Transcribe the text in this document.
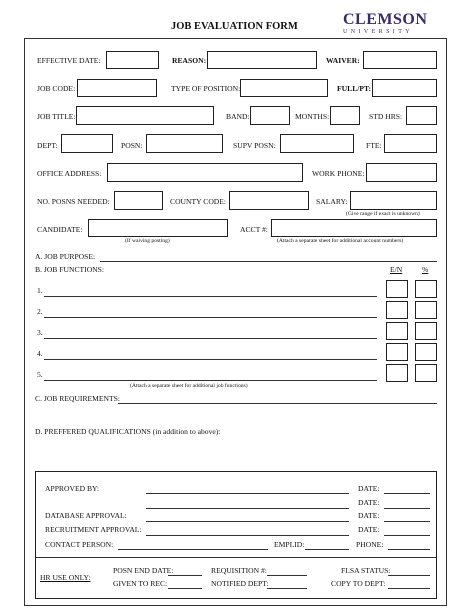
JOB EVALUATION FORM	CLEMSON
UNIVERSITY
EFFECTIVE DATE:	REASON:	WAIVER:
JOB CODE:	TYPE OF POSITION:	FULL/PT:
JOB TITLE:	BAND:	MONTHS:	STD HRS:
DEPT:	POSN:	SUPV POSN:	FTE:
OFFICE ADDRESS:	WORK PHONE:
NO. POSNS NEEDED:	COUNTY CODE:	SALARY:
(Give range if exact is unknown)
CANDIDATE:
(If waiving posting)
ACCT #:
(Attach a separate sheet for additional account numbers)
A. JOB PURPOSE:
B. JOB FUNCTIONS:	E/N	%
1.
2.
3.
4.
5.
(Attach a separate sheet for additional job functions)
C. JOB REQUIREMENTS:
D. PREFFERED QUALIFICATIONS (in addition to above):
APPROVED BY:	DATE:
DATE:
DATABASE APPROVAL:	DATE:
RECRUITMENT APPROVAL:	DATE:
CONTACT PERSON:	EMPLID:	PHONE:
HR USE ONLY:
POSN END DATE:	REQUISITION #:	FLSA STATUS:
GIVEN TO REC:	NOTIFIED DEPT:	COPY TO DEPT:
